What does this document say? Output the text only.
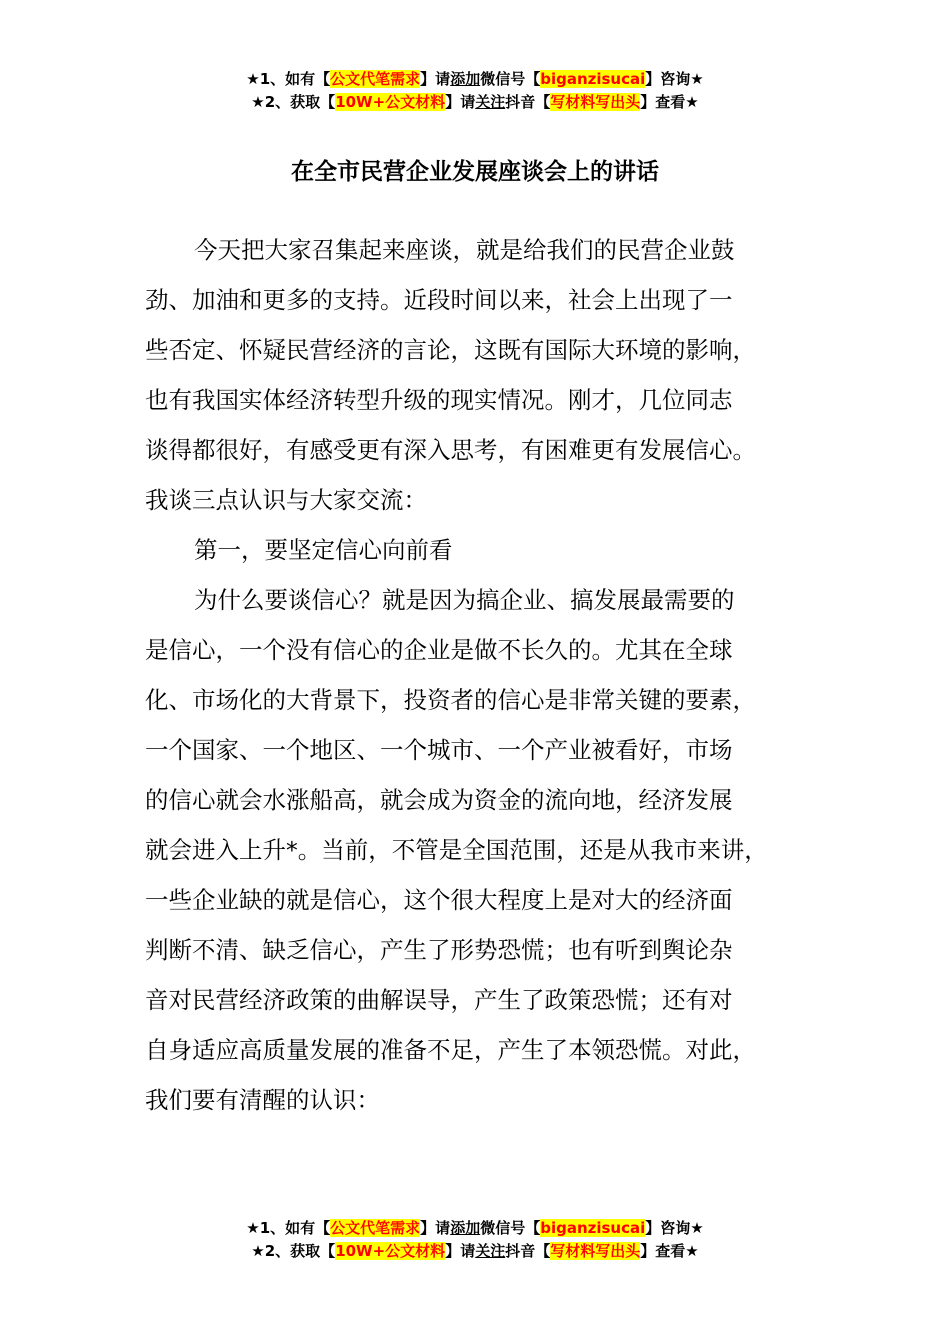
★1、如有【公文代笔需求】请添加微信号【biganzisucai】咨询★
★2、获取【10W+公文材料】请关注抖音【写材料写出头】查看★
在全市民营企业发展座谈会上的讲话
今天把大家召集起来座谈，就是给我们的民营企业鼓
劲、加油和更多的支持。近段时间以来，社会上出现了一
些否定、怀疑民营经济的言论，这既有国际大环境的影响，
也有我国实体经济转型升级的现实情况。刚才，几位同志
谈得都很好，有感受更有深入思考，有困难更有发展信心。
我谈三点认识与大家交流：
第一，要坚定信心向前看
为什么要谈信心？就是因为搞企业、搞发展最需要的
是信心，一个没有信心的企业是做不长久的。尤其在全球
化、市场化的大背景下，投资者的信心是非常关键的要素，
一个国家、一个地区、一个城市、一个产业被看好，市场
的信心就会水涨船高，就会成为资金的流向地，经济发展
就会进入上升*。当前，不管是全国范围，还是从我市来讲，
一些企业缺的就是信心，这个很大程度上是对大的经济面
判断不清、缺乏信心，产生了形势恐慌；也有听到舆论杂
音对民营经济政策的曲解误导，产生了政策恐慌；还有对
自身适应高质量发展的准备不足，产生了本领恐慌。对此，
我们要有清醒的认识：
★1、如有【公文代笔需求】请添加微信号【biganzisucai】咨询★
★2、获取【10W+公文材料】请关注抖音【写材料写出头】查看★
